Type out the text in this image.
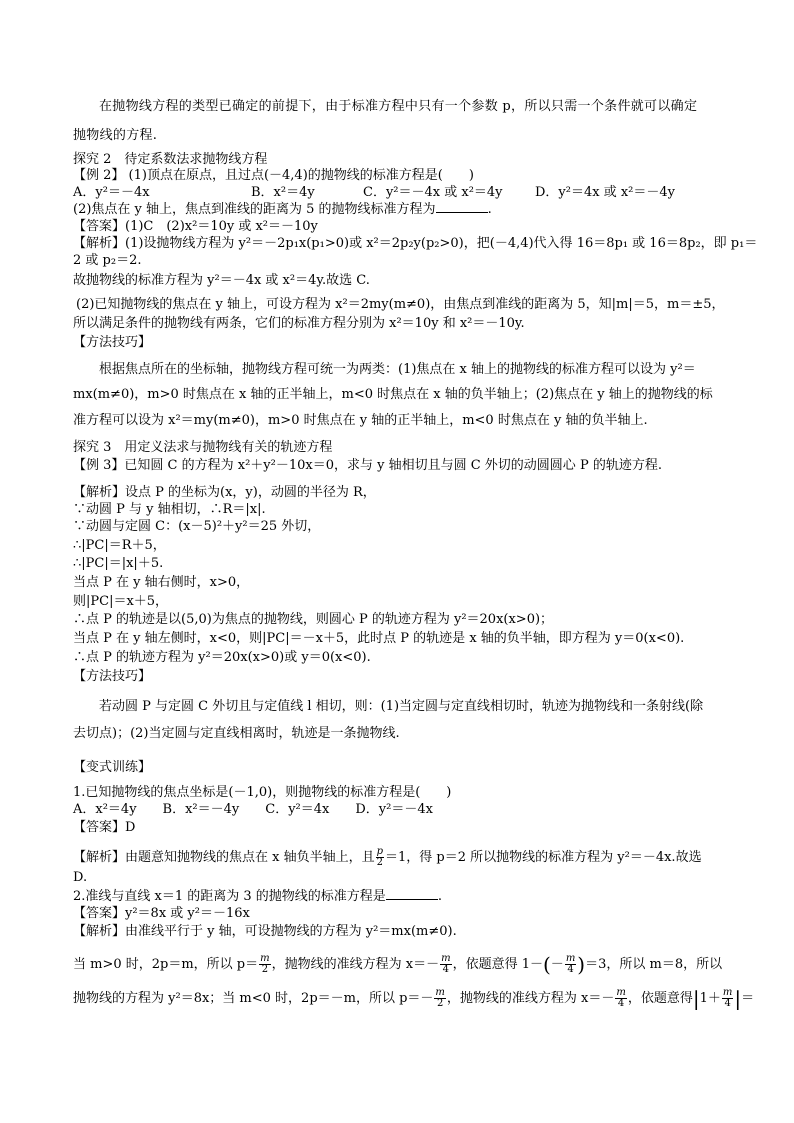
在抛物线方程的类型已确定的前提下，由于标准方程中只有一个参数 p，所以只需一个条件就可以确定
抛物线的方程.
探究 2　待定系数法求抛物线方程
【例 2】 (1)顶点在原点，且过点(－4,4)的抛物线的标准方程是(　　)
A．y²＝－4x	B．x²＝4y	C．y²＝－4x 或 x²＝4y D．y²＝4x 或 x²＝－4y
(2)焦点在 y 轴上，焦点到准线的距离为 5 的抛物线标准方程为	.
【答案】(1)C　(2)x²＝10y 或 x²＝－10y
【解析】(1)设抛物线方程为 y²＝－2p₁x(p₁>0)或 x²＝2p₂y(p₂>0)，把(－4,4)代入得 16＝8p₁ 或 16＝8p₂，即 p₁＝
2 或 p₂＝2.
故抛物线的标准方程为 y²＝－4x 或 x²＝4y.故选 C.
(2)已知抛物线的焦点在 y 轴上，可设方程为 x²＝2my(m≠0)，由焦点到准线的距离为 5，知|m|＝5，m＝±5，
所以满足条件的抛物线有两条，它们的标准方程分别为 x²＝10y 和 x²＝－10y.
【方法技巧】
根据焦点所在的坐标轴，抛物线方程可统一为两类：(1)焦点在 x 轴上的抛物线的标准方程可以设为 y²＝
mx(m≠0)，m>0 时焦点在 x 轴的正半轴上，m<0 时焦点在 x 轴的负半轴上；(2)焦点在 y 轴上的抛物线的标
准方程可以设为 x²＝my(m≠0)，m>0 时焦点在 y 轴的正半轴上，m<0 时焦点在 y 轴的负半轴上.
探究 3　用定义法求与抛物线有关的轨迹方程
【例 3】已知圆 C 的方程为 x²＋y²－10x＝0，求与 y 轴相切且与圆 C 外切的动圆圆心 P 的轨迹方程.
【解析】设点 P 的坐标为(x，y)，动圆的半径为 R，
∵动圆 P 与 y 轴相切，∴R＝|x|.
∵动圆与定圆 C：(x－5)²＋y²＝25 外切，
∴|PC|＝R＋5，
∴|PC|＝|x|＋5.
当点 P 在 y 轴右侧时，x>0，
则|PC|＝x＋5，
∴点 P 的轨迹是以(5,0)为焦点的抛物线，则圆心 P 的轨迹方程为 y²＝20x(x>0)；
当点 P 在 y 轴左侧时，x<0，则|PC|＝－x＋5，此时点 P 的轨迹是 x 轴的负半轴，即方程为 y＝0(x<0).
∴点 P 的轨迹方程为 y²＝20x(x>0)或 y＝0(x<0).
【方法技巧】
若动圆 P 与定圆 C 外切且与定值线 l 相切，则：(1)当定圆与定直线相切时，轨迹为抛物线和一条射线(除
去切点)；(2)当定圆与定直线相离时，轨迹是一条抛物线.
【变式训练】
1.已知抛物线的焦点坐标是(－1,0)，则抛物线的标准方程是(　　)
A．x²＝4y　　B．x²＝－4y　　C．y²＝4x　　D．y²＝－4x
【答案】D
【解析】由题意知抛物线的焦点在 x 轴负半轴上，且 $\frac{p}{2} =1$，得 p＝2 所以抛物线的标准方程为 y²＝－4x.故选
D.
2.准线与直线 x＝1 的距离为 3 的抛物线的标准方程是	.
【答案】y²＝8x 或 y²＝－16x
【解析】由准线平行于 y 轴，可设抛物线的方程为 y²＝mx(m≠0).
当 m>0 时，2p＝m，所以 $p= \frac{m}{2}$ ，抛物线的准线方程为 $x=- \frac{m}{4}$ ，依题意得 $1-(- \frac{m}{4} )=3$，所以 m＝8，所以
抛物线的方程为 y²＝8x；当 m<0 时，2p＝－m，所以 $p=- \frac{m}{2}$ ，抛物线的准线方程为 $x=- \frac{m}{4}$ ，依题意得$|1+ \frac{m}{4}$ |＝
